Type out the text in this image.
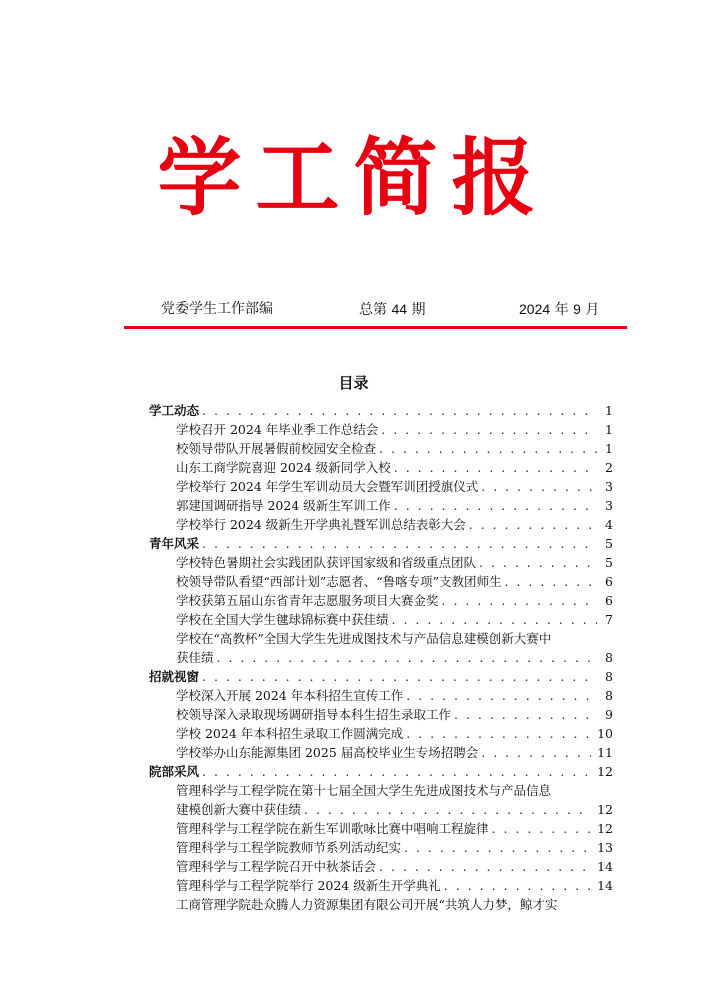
学工简报
党委学生工作部编	总第 44 期	2024 年 9 月
目录
学工动态 . . .	1
学校召开 2024 年毕业季工作总结会 . . .	1
校领导带队开展暑假前校园安全检查 . . .	1
山东工商学院喜迎 2024 级新同学入校 . . .	2
学校举行 2024 年学生军训动员大会暨军训团授旗仪式 . . .	3
郭建国调研指导 2024 级新生军训工作 . . .	3
学校举行 2024 级新生开学典礼暨军训总结表彰大会 . . .	4
青年风采 . . .	5
学校特色暑期社会实践团队获评国家级和省级重点团队 . . .	5
校领导带队看望“西部计划”志愿者、“鲁喀专项”支教团师生 . . .	6
学校获第五届山东省青年志愿服务项目大赛金奖 . . .	6
学校在全国大学生毽球锦标赛中获佳绩 . . .	7
学校在“高教杯”全国大学生先进成图技术与产品信息建模创新大赛中
获佳绩 . . .	8
招就视窗 . . .	8
学校深入开展 2024 年本科招生宣传工作 . . .	8
校领导深入录取现场调研指导本科生招生录取工作 . . .	9
学校 2024 年本科招生录取工作圆满完成 . . .	10
学校举办山东能源集团 2025 届高校毕业生专场招聘会 . . .	11
院部采风 . . .	12
管理科学与工程学院在第十七届全国大学生先进成图技术与产品信息
建模创新大赛中获佳绩 . . .	12
管理科学与工程学院在新生军训歌咏比赛中唱响工程旋律 . . .	12
管理科学与工程学院教师节系列活动纪实 . . .	13
管理科学与工程学院召开中秋茶话会 . . .	14
管理科学与工程学院举行 2024 级新生开学典礼 . . .	14
工商管理学院赴众腾人力资源集团有限公司开展“共筑人力梦，鲸才实
